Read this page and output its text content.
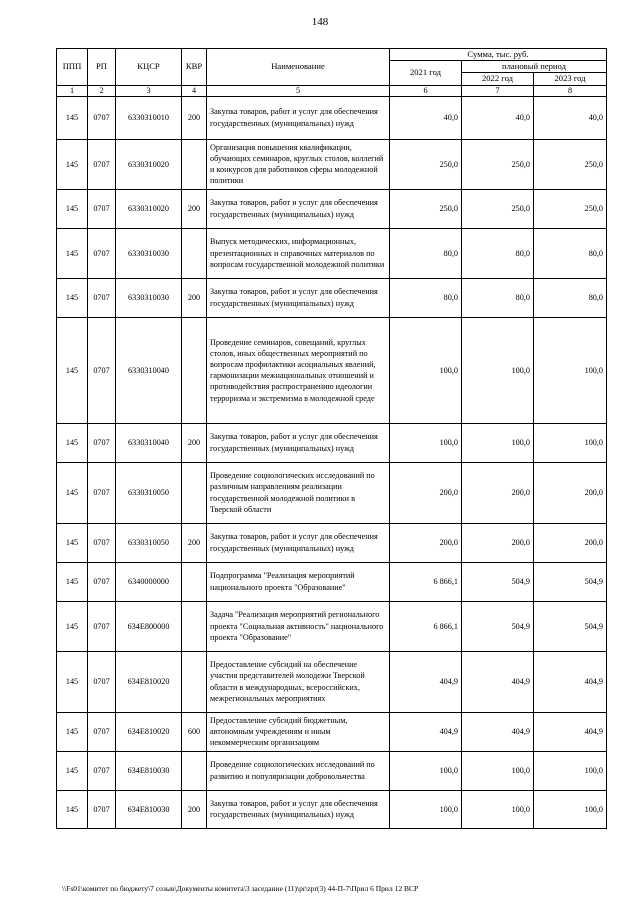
148
ППП	РП	КЦСР	КВР	Наименование	Сумма, тыс. руб.		
					2021 год	плановый период	
						2022 год	2023 год
1	2	3	4	5	6	7	8
145	0707	6330310010	200	Закупка товаров, работ и услуг для обеспечения государственных (муниципальных) нужд	40,0	40,0	40,0
145	0707	6330310020		Организация повышения квалификации, обучающих семинаров, круглых столов, коллегий и конкурсов для работников сферы молодежной политики	250,0	250,0	250,0
145	0707	6330310020	200	Закупка товаров, работ и услуг для обеспечения государственных (муниципальных) нужд	250,0	250,0	250,0
145	0707	6330310030		Выпуск методических, информационных, презентационных и справочных материалов по вопросам государственной молодежной политики	80,0	80,0	80,0
145	0707	6330310030	200	Закупка товаров, работ и услуг для обеспечения государственных (муниципальных) нужд	80,0	80,0	80,0
145	0707	6330310040		Проведение семинаров, совещаний, круглых столов, иных общественных мероприятий по вопросам профилактики асоциальных явлений, гармонизации межнациональных отношений и противодействия распространению идеологии терроризма и экстремизма в молодежной среде	100,0	100,0	100,0
145	0707	6330310040	200	Закупка товаров, работ и услуг для обеспечения государственных (муниципальных) нужд	100,0	100,0	100,0
145	0707	6330310050		Проведение социологических исследований по различным направлениям реализации государственной молодежной политики в Тверской области	200,0	200,0	200,0
145	0707	6330310050	200	Закупка товаров, работ и услуг для обеспечения государственных (муниципальных) нужд	200,0	200,0	200,0
145	0707	6340000000		Подпрограмма "Реализация мероприятий национального проекта "Образование"	6 866,1	504,9	504,9
145	0707	634E800000		Задача "Реализация мероприятий регионального проекта "Социальная активность" национального проекта "Образование"	6 866,1	504,9	504,9
145	0707	634E810020		Предоставление субсидий на обеспечение участия представителей молодежи Тверской области в международных, всероссийских, межрегиональных мероприятиях	404,9	404,9	404,9
145	0707	634E810020	600	Предоставление субсидий бюджетным, автономным учреждениям и иным некоммерческим организациям	404,9	404,9	404,9
145	0707	634E810030		Проведение социологических исследований по развитию и популяризации добровольчества	100,0	100,0	100,0
145	0707	634E810030	200	Закупка товаров, работ и услуг для обеспечения государственных (муниципальных) нужд	100,0	100,0	100,0
\\Fs01\комитет по бюджету\7 созыв\Документы комитета\3 заседание (11)\pr\zpr(3) 44-П-7\Прил 6 Прил 12 ВСР
